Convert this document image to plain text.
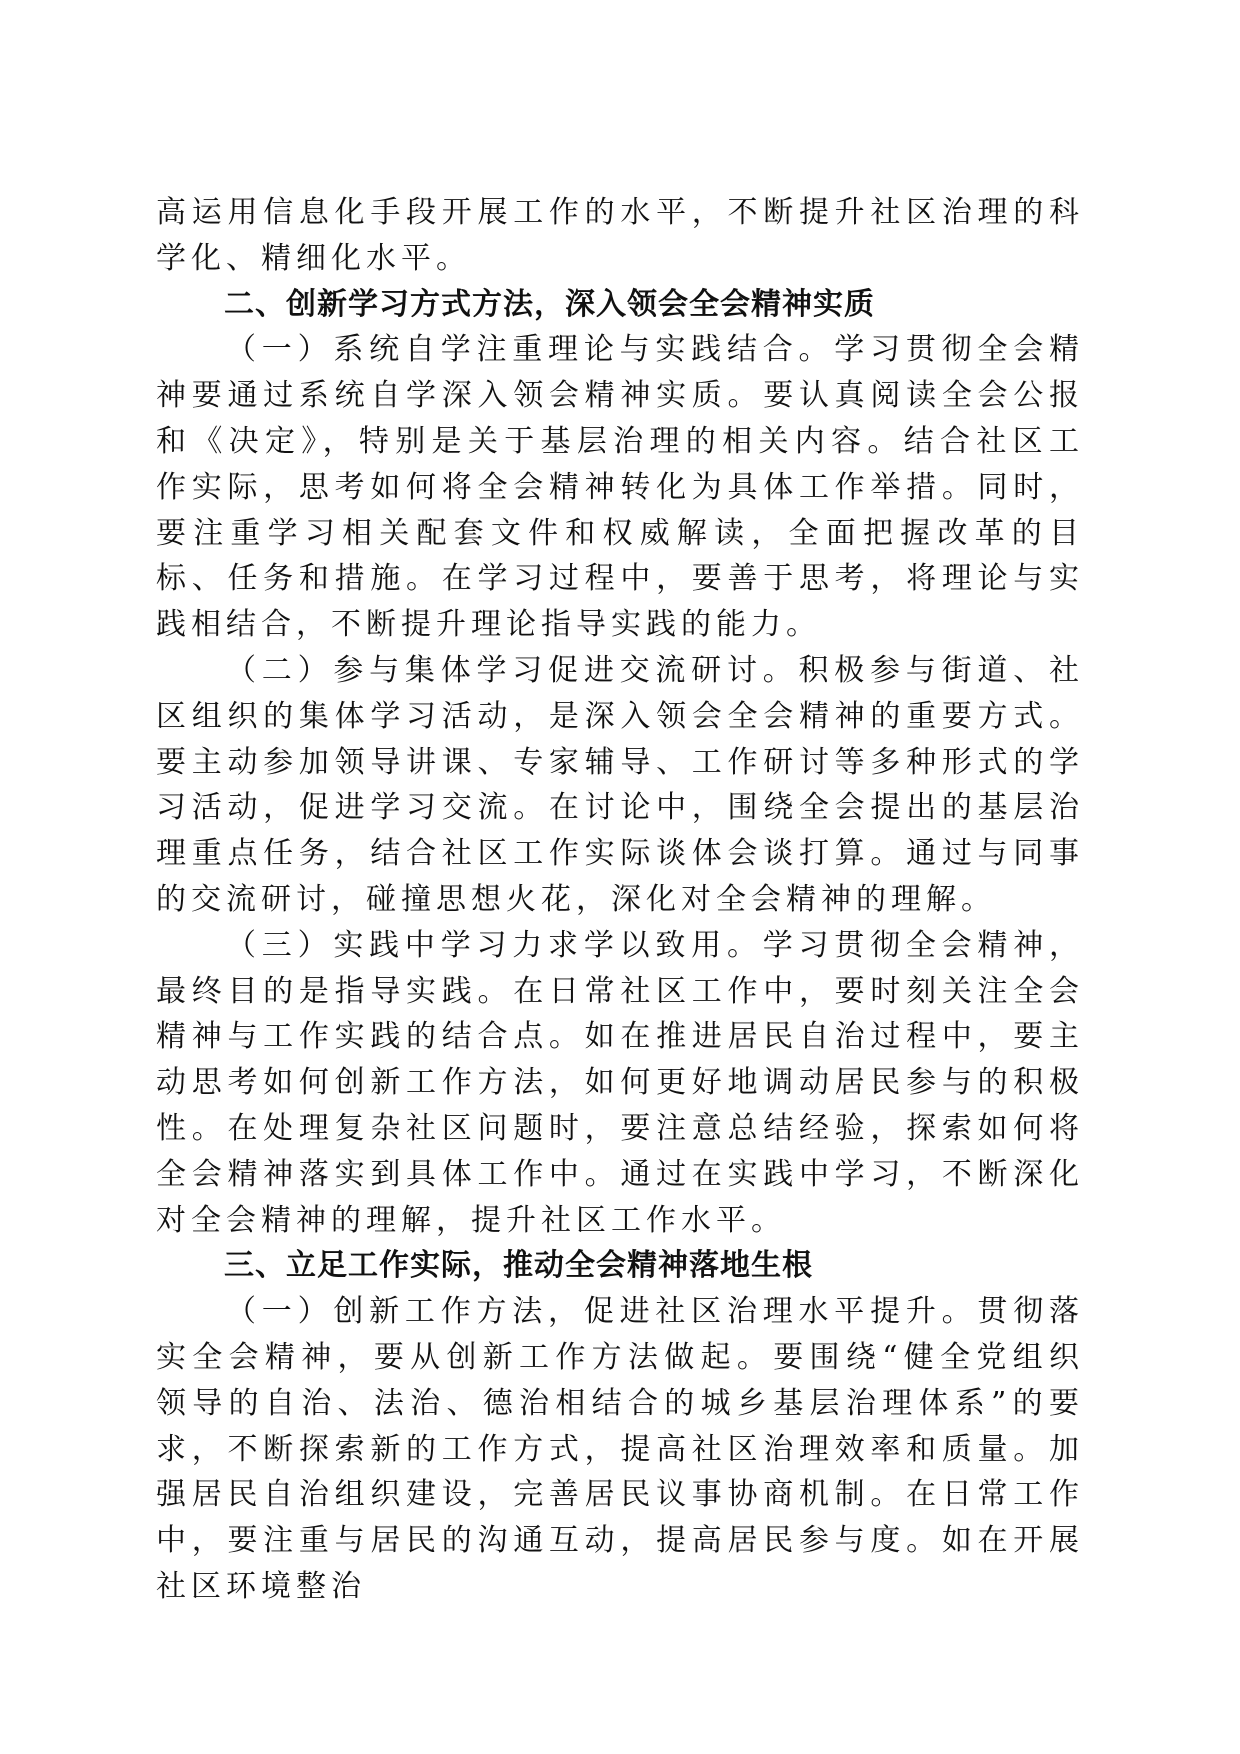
高运用信息化手段开展工作的水平，不断提升社区治理的科学化、精细化水平。

二、创新学习方式方法，深入领会全会精神实质

（一）系统自学注重理论与实践结合。学习贯彻全会精神要通过系统自学深入领会精神实质。要认真阅读全会公报和《决定》，特别是关于基层治理的相关内容。结合社区工作实际，思考如何将全会精神转化为具体工作举措。同时，要注重学习相关配套文件和权威解读，全面把握改革的目标、任务和措施。在学习过程中，要善于思考，将理论与实践相结合，不断提升理论指导实践的能力。

（二）参与集体学习促进交流研讨。积极参与街道、社区组织的集体学习活动，是深入领会全会精神的重要方式。要主动参加领导讲课、专家辅导、工作研讨等多种形式的学习活动，促进学习交流。在讨论中，围绕全会提出的基层治理重点任务，结合社区工作实际谈体会谈打算。通过与同事的交流研讨，碰撞思想火花，深化对全会精神的理解。

（三）实践中学习力求学以致用。学习贯彻全会精神，最终目的是指导实践。在日常社区工作中，要时刻关注全会精神与工作实践的结合点。如在推进居民自治过程中，要主动思考如何创新工作方法，如何更好地调动居民参与的积极性。在处理复杂社区问题时，要注意总结经验，探索如何将全会精神落实到具体工作中。通过在实践中学习，不断深化对全会精神的理解，提升社区工作水平。

三、立足工作实际，推动全会精神落地生根

（一）创新工作方法，促进社区治理水平提升。贯彻落实全会精神，要从创新工作方法做起。要围绕“健全党组织领导的自治、法治、德治相结合的城乡基层治理体系”的要求，不断探索新的工作方式，提高社区治理效率和质量。加强居民自治组织建设，完善居民议事协商机制。在日常工作中，要注重与居民的沟通互动，提高居民参与度。如在开展社区环境整治
